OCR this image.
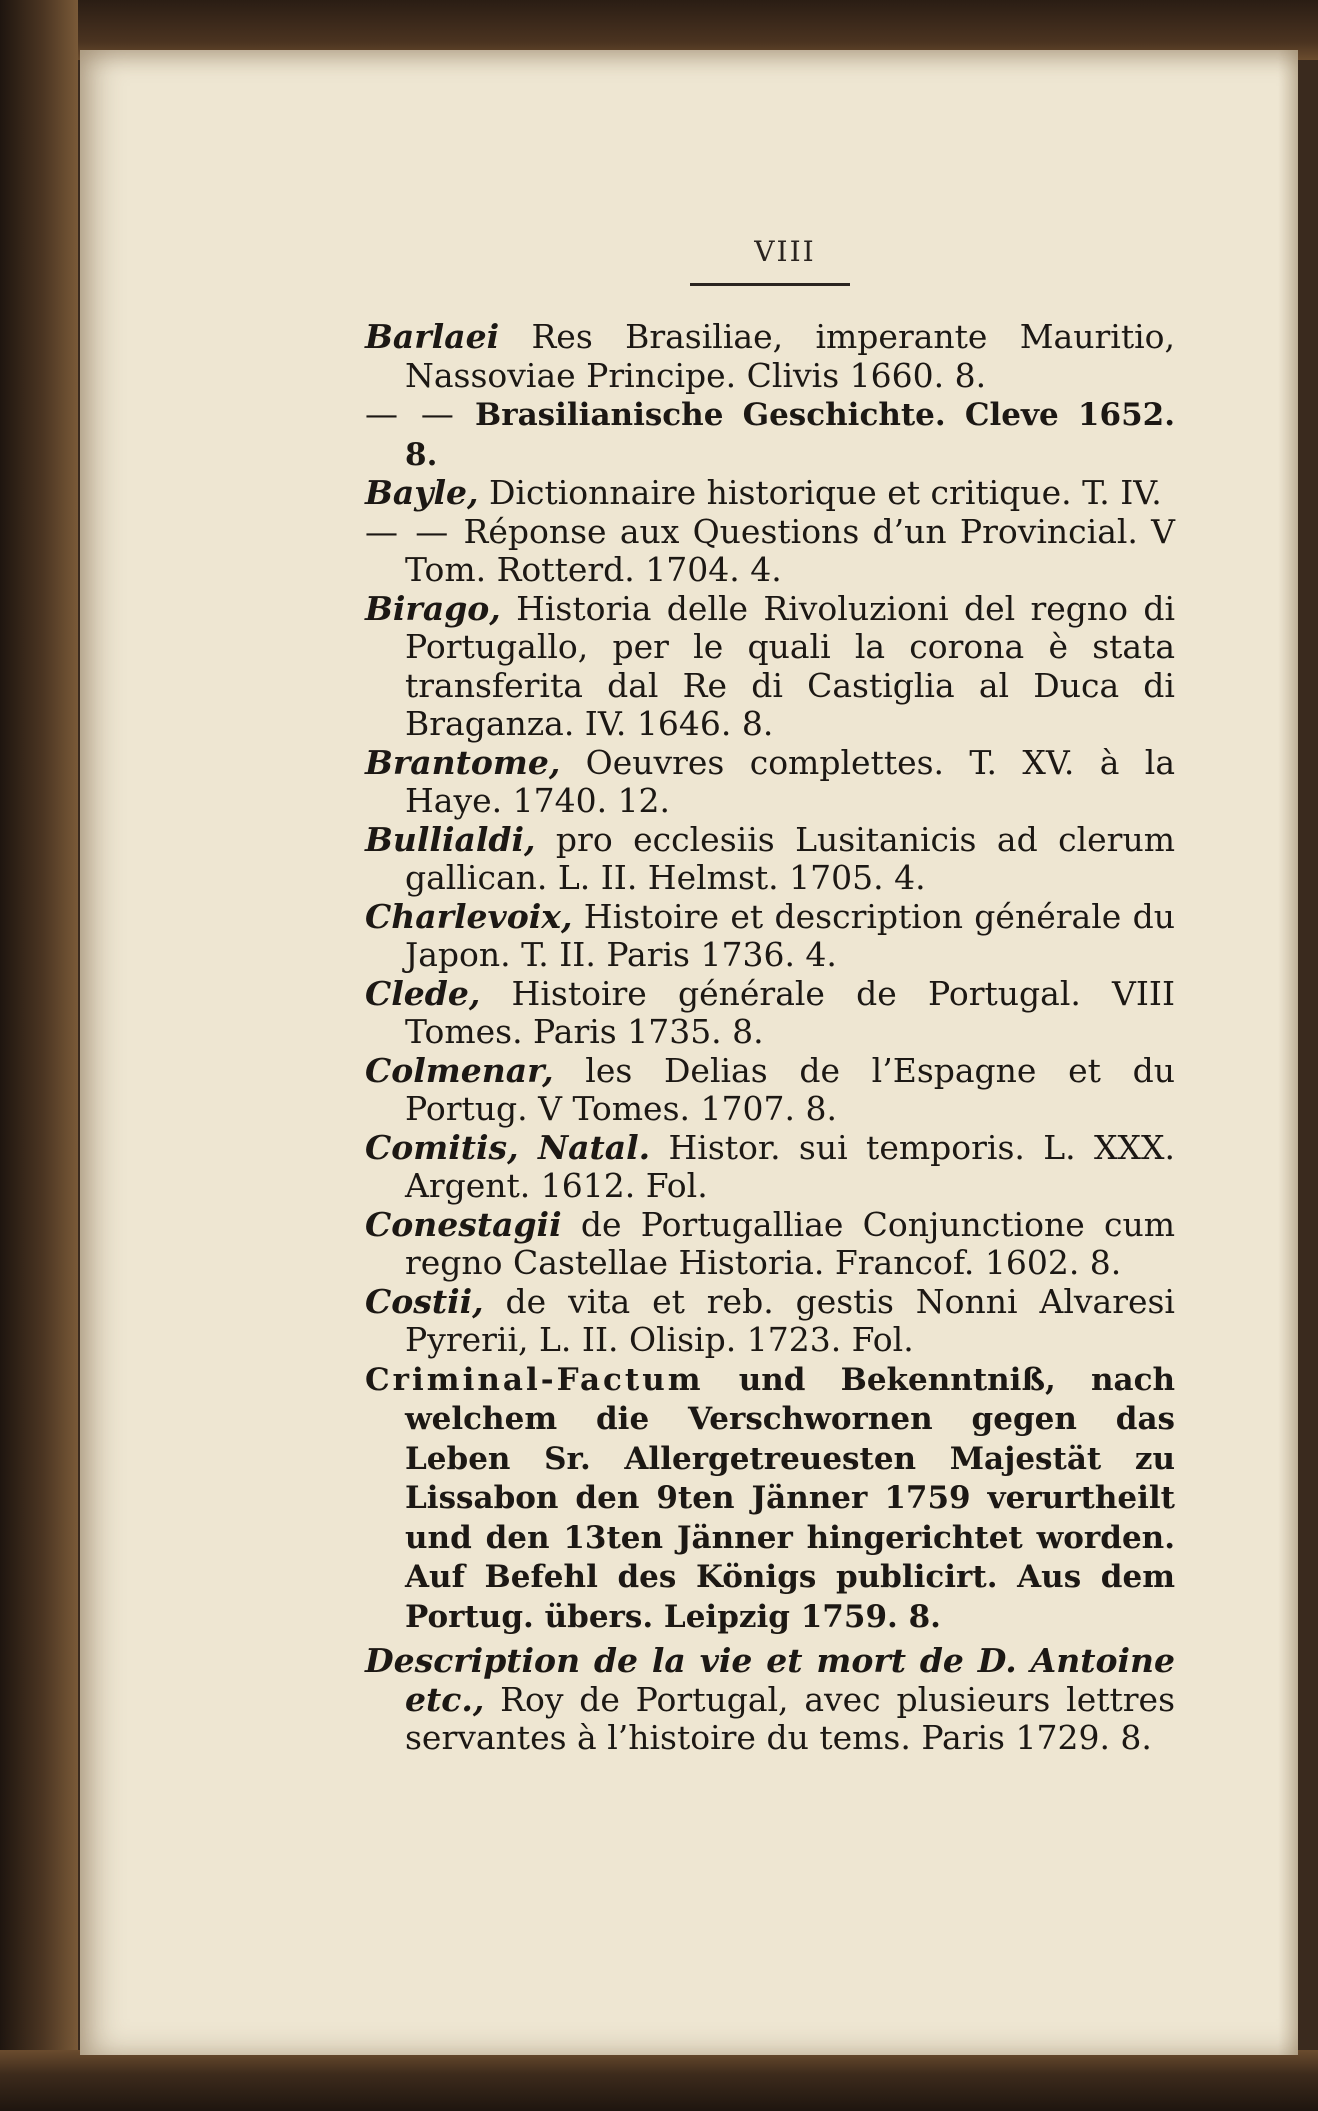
VIII

Barlaei Res Brasiliae, imperante Mauritio, Nassoviae Principe. Clivis 1660. 8.

— — Brasilianische Geschichte. Cleve 1652. 8.

Bayle, Dictionnaire historique et critique. T. IV.

— — Réponse aux Questions d’un Provincial. V Tom. Rotterd. 1704. 4.

Birago, Historia delle Rivoluzioni del regno di Portugallo, per le quali la corona è stata transferita dal Re di Castiglia al Duca di Braganza. IV. 1646. 8.

Brantome, Oeuvres complettes. T. XV. à la Haye. 1740. 12.

Bullialdi, pro ecclesiis Lusitanicis ad clerum gallican. L. II. Helmst. 1705. 4.

Charlevoix, Histoire et description générale du Japon. T. II. Paris 1736. 4.

Clede, Histoire générale de Portugal. VIII Tomes. Paris 1735. 8.

Colmenar, les Delias de l’Espagne et du Portug. V Tomes. 1707. 8.

Comitis, Natal. Histor. sui temporis. L. XXX. Argent. 1612. Fol.

Conestagii de Portugalliae Conjunctione cum regno Castellae Historia. Francof. 1602. 8.

Costii, de vita et reb. gestis Nonni Alvaresi Pyrerii, L. II. Olisip. 1723. Fol.

Criminal-Factum und Bekenntniß, nach welchem die Verschwornen gegen das Leben Sr. Allergetreuesten Majestät zu Lissabon den 9ten Jänner 1759 verurtheilt und den 13ten Jänner hingerichtet worden. Auf Befehl des Königs publicirt. Aus dem Portug. übers. Leipzig 1759. 8.

Description de la vie et mort de D. Antoine etc., Roy de Portugal, avec plusieurs lettres servantes à l’histoire du tems. Paris 1729. 8.
